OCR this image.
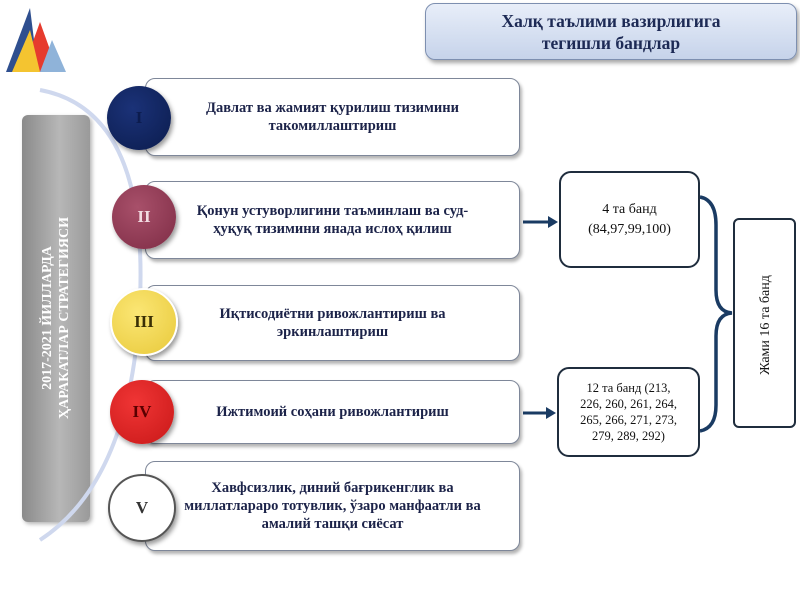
Халқ таълими вазирлигига
тегишли бандлар
2017-2021 ЙИЛЛАРДА
ҲАРАКАТЛАР СТРАТЕГИЯСИ
Давлат ва жамият қурилиш тизимини
такомиллаштириш
Қонун устуворлигини таъминлаш ва суд-
ҳуқуқ тизимини янада ислоҳ қилиш
Иқтисодиётни ривожлантириш ва
эркинлаштириш
Ижтимоий соҳани ривожлантириш
Хавфсизлик, диний бағрикенглик ва
миллатлараро тотувлик, ўзаро манфаатли ва
амалий ташқи сиёсат
I
II
III
IV
V
4 та банд
(84,97,99,100)
12 та банд (213,
226, 260, 261, 264,
265, 266, 271, 273,
279, 289, 292)
Жами 16 та банд
